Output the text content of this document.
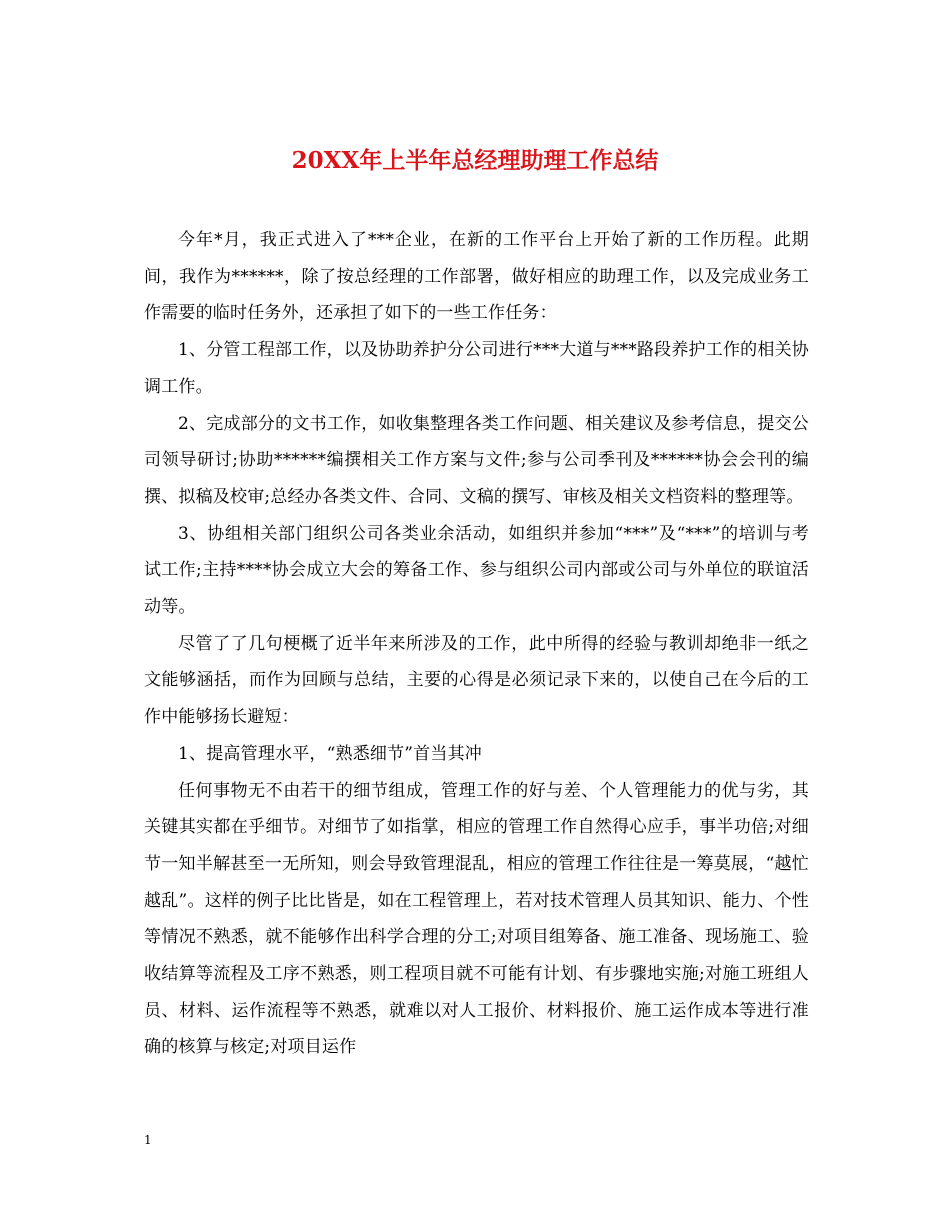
20XX年上半年总经理助理工作总结

今年*月，我正式进入了***企业，在新的工作平台上开始了新的工作历程。此期间，我作为******，除了按总经理的工作部署，做好相应的助理工作，以及完成业务工作需要的临时任务外，还承担了如下的一些工作任务：

1、分管工程部工作，以及协助养护分公司进行***大道与***路段养护工作的相关协调工作。

2、完成部分的文书工作，如收集整理各类工作问题、相关建议及参考信息，提交公司领导研讨;协助******编撰相关工作方案与文件;参与公司季刊及******协会会刊的编撰、拟稿及校审;总经办各类文件、合同、文稿的撰写、审核及相关文档资料的整理等。

3、协组相关部门组织公司各类业余活动，如组织并参加“***”及“***”的培训与考试工作;主持****协会成立大会的筹备工作、参与组织公司内部或公司与外单位的联谊活动等。

尽管了了几句梗概了近半年来所涉及的工作，此中所得的经验与教训却绝非一纸之文能够涵括，而作为回顾与总结，主要的心得是必须记录下来的，以使自己在今后的工作中能够扬长避短：

1、提高管理水平，“熟悉细节”首当其冲

任何事物无不由若干的细节组成，管理工作的好与差、个人管理能力的优与劣，其关键其实都在乎细节。对细节了如指掌，相应的管理工作自然得心应手，事半功倍;对细节一知半解甚至一无所知，则会导致管理混乱，相应的管理工作往往是一筹莫展，“越忙越乱”。这样的例子比比皆是，如在工程管理上，若对技术管理人员其知识、能力、个性等情况不熟悉，就不能够作出科学合理的分工;对项目组筹备、施工准备、现场施工、验收结算等流程及工序不熟悉，则工程项目就不可能有计划、有步骤地实施;对施工班组人员、材料、运作流程等不熟悉，就难以对人工报价、材料报价、施工运作成本等进行准确的核算与核定;对项目运作

1
